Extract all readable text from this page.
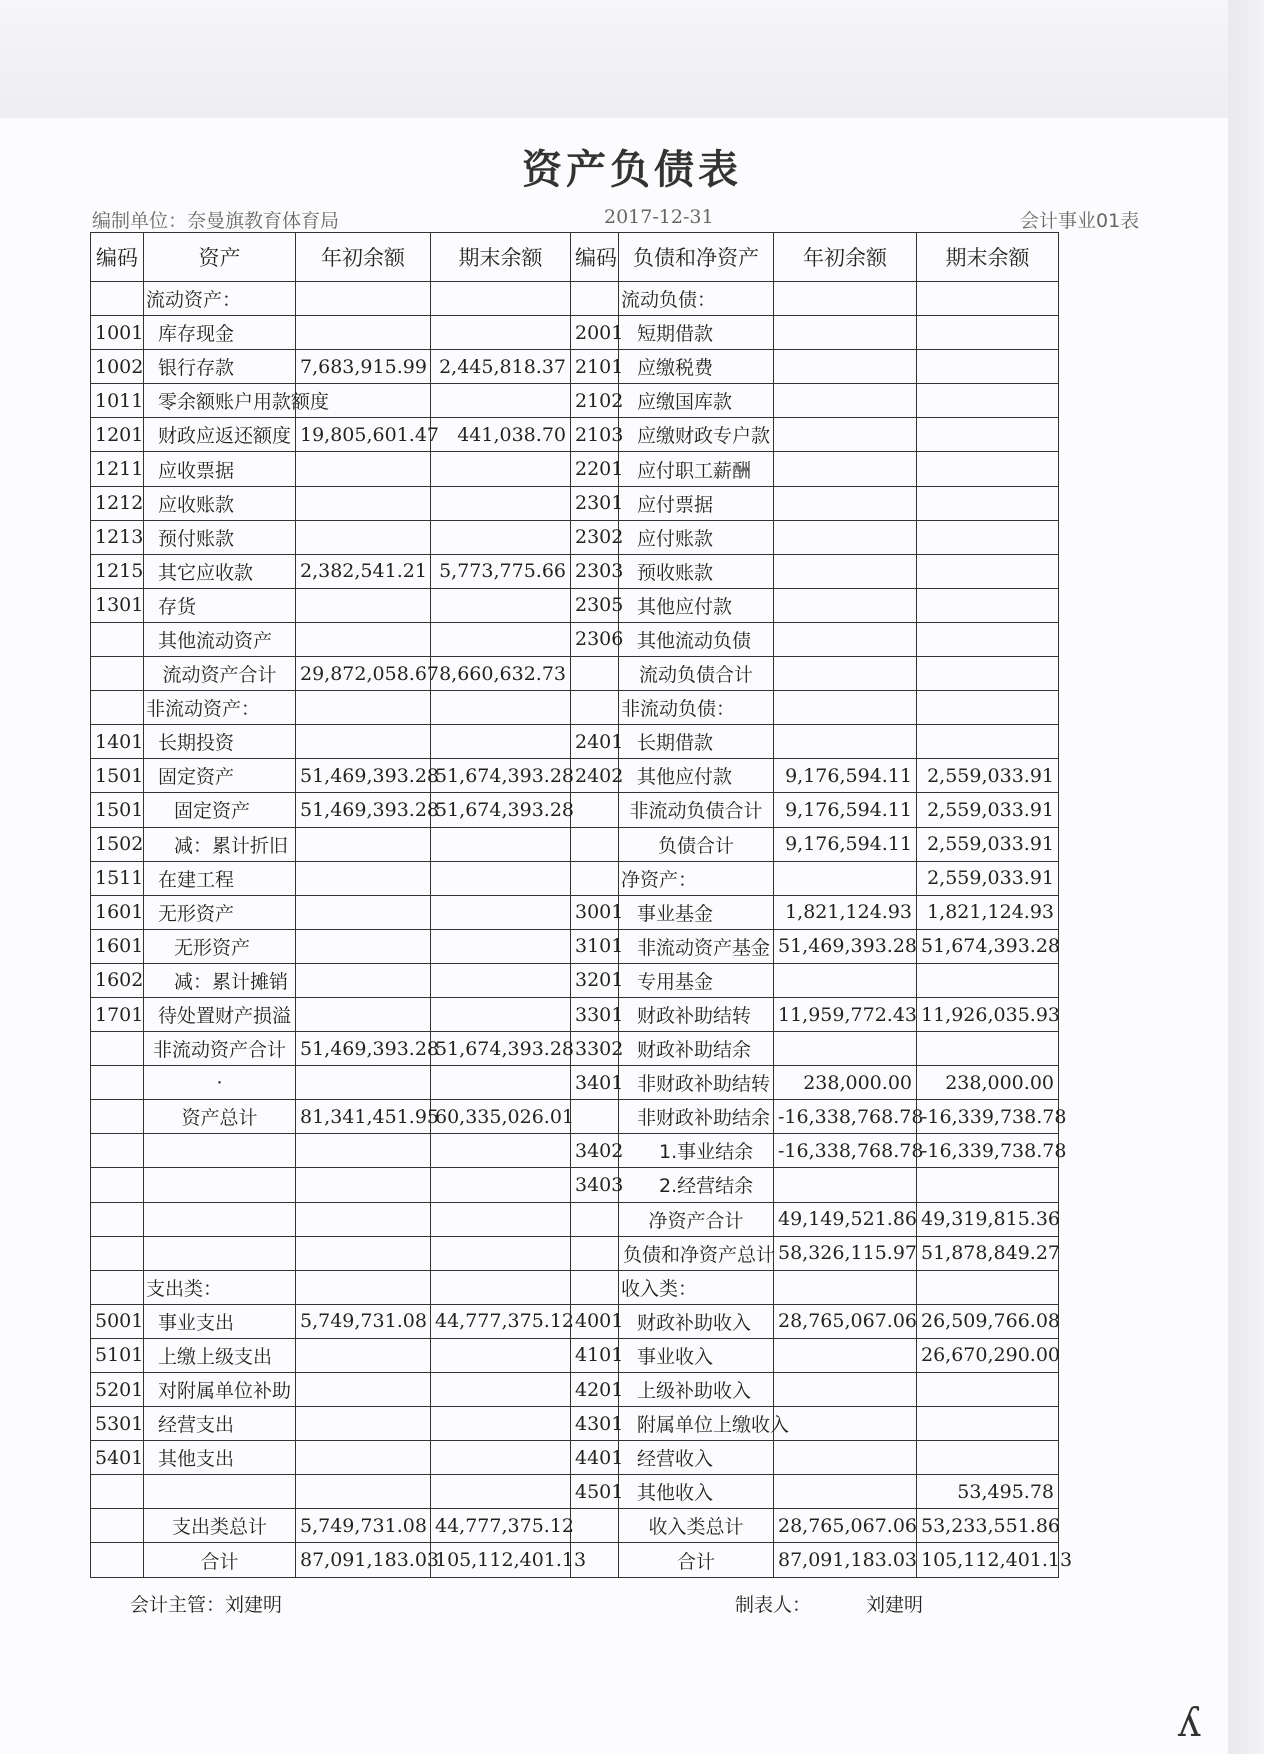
资产负债表
编制单位：奈曼旗教育体育局	2017-12-31	会计事业01表
编码	资产	年初余额	期末余额	编码	负债和净资产	年初余额	期末余额
	流动资产：				流动负债：		
1001	库存现金			2001	短期借款		
1002	银行存款	7,683,915.99	2,445,818.37	2101	应缴税费		
1011	零余额账户用款额度			2102	应缴国库款		
1201	财政应返还额度	19,805,601.47	441,038.70	2103	应缴财政专户款		
1211	应收票据			2201	应付职工薪酬		
1212	应收账款			2301	应付票据		
1213	预付账款			2302	应付账款		
1215	其它应收款	2,382,541.21	5,773,775.66	2303	预收账款		
1301	存货			2305	其他应付款		
	其他流动资产			2306	其他流动负债		
	流动资产合计	29,872,058.67	8,660,632.73		流动负债合计		
	非流动资产：				非流动负债：		
1401	长期投资			2401	长期借款		
1501	固定资产	51,469,393.28	51,674,393.28	2402	其他应付款	9,176,594.11	2,559,033.91
1501	固定资产	51,469,393.28	51,674,393.28		非流动负债合计	9,176,594.11	2,559,033.91
1502	减：累计折旧				负债合计	9,176,594.11	2,559,033.91
1511	在建工程				净资产：		2,559,033.91
1601	无形资产			3001	事业基金	1,821,124.93	1,821,124.93
1601	无形资产			3101	非流动资产基金	51,469,393.28	51,674,393.28
1602	减：累计摊销			3201	专用基金		
1701	待处置财产损溢			3301	财政补助结转	11,959,772.43	11,926,035.93
	非流动资产合计	51,469,393.28	51,674,393.28	3302	财政补助结余		
	·			3401	非财政补助结转	238,000.00	238,000.00
	资产总计	81,341,451.95	60,335,026.01		非财政补助结余	-16,338,768.78	-16,339,738.78
				3402	1.事业结余	-16,338,768.78	-16,339,738.78
				3403	2.经营结余		
					净资产合计	49,149,521.86	49,319,815.36
					负债和净资产总计	58,326,115.97	51,878,849.27
	支出类：				收入类：		
5001	事业支出	5,749,731.08	44,777,375.12	4001	财政补助收入	28,765,067.06	26,509,766.08
5101	上缴上级支出			4101	事业收入		26,670,290.00
5201	对附属单位补助			4201	上级补助收入		
5301	经营支出			4301	附属单位上缴收入		
5401	其他支出			4401	经营收入		
				4501	其他收入		53,495.78
	支出类总计	5,749,731.08	44,777,375.12		收入类总计	28,765,067.06	53,233,551.86
	合计	87,091,183.03	105,112,401.13		合计	87,091,183.03	105,112,401.13
会计主管：刘建明	制表人：	刘建明
ʎ
